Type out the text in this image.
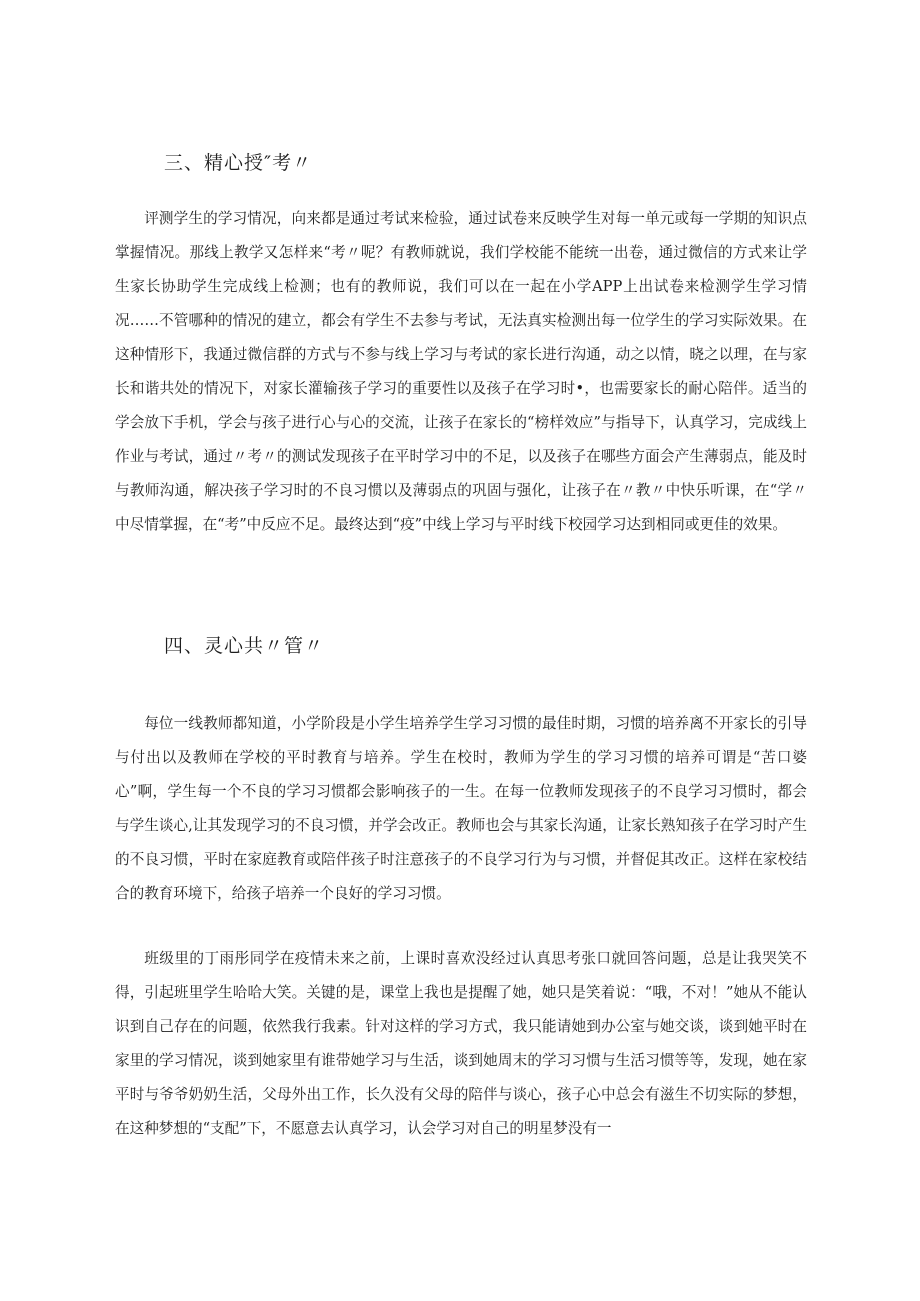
三、精心授″考〃

评测学生的学习情况，向来都是通过考试来检验，通过试卷来反映学生对每一单元或每一学期的知识点掌握情况。那线上教学又怎样来“考〃呢？有教师就说，我们学校能不能统一出卷，通过微信的方式来让学生家长协助学生完成线上检测；也有的教师说，我们可以在一起在小学APP上出试卷来检测学生学习情况……不管哪种的情况的建立，都会有学生不去参与考试，无法真实检测出每一位学生的学习实际效果。在这种情形下，我通过微信群的方式与不参与线上学习与考试的家长进行沟通，动之以情，晓之以理，在与家长和谐共处的情况下，对家长灌输孩子学习的重要性以及孩子在学习时•，也需要家长的耐心陪伴。适当的学会放下手机，学会与孩子进行心与心的交流，让孩子在家长的“榜样效应”与指导下，认真学习，完成线上作业与考试，通过〃考〃的测试发现孩子在平时学习中的不足，以及孩子在哪些方面会产生薄弱点，能及时与教师沟通，解决孩子学习时的不良习惯以及薄弱点的巩固与强化，让孩子在〃教〃中快乐听课，在“学〃中尽情掌握，在“考”中反应不足。最终达到“疫”中线上学习与平时线下校园学习达到相同或更佳的效果。

四、灵心共〃管〃

每位一线教师都知道，小学阶段是小学生培养学生学习习惯的最佳时期，习惯的培养离不开家长的引导与付出以及教师在学校的平时教育与培养。学生在校时，教师为学生的学习习惯的培养可谓是“苦口婆心”啊，学生每一个不良的学习习惯都会影响孩子的一生。在每一位教师发现孩子的不良学习习惯时，都会与学生谈心,让其发现学习的不良习惯，并学会改正。教师也会与其家长沟通，让家长熟知孩子在学习时产生的不良习惯，平时在家庭教育或陪伴孩子时注意孩子的不良学习行为与习惯，并督促其改正。这样在家校结合的教育环境下，给孩子培养一个良好的学习习惯。

班级里的丁雨彤同学在疫情未来之前，上课时喜欢没经过认真思考张口就回答问题，总是让我哭笑不得，引起班里学生哈哈大笑。关键的是，课堂上我也是提醒了她，她只是笑着说：“哦，不对！”她从不能认识到自己存在的问题，依然我行我素。针对这样的学习方式，我只能请她到办公室与她交谈，谈到她平时在家里的学习情况，谈到她家里有谁带她学习与生活，谈到她周末的学习习惯与生活习惯等等，发现，她在家平时与爷爷奶奶生活，父母外出工作，长久没有父母的陪伴与谈心，孩子心中总会有滋生不切实际的梦想，在这种梦想的“支配”下，不愿意去认真学习，认会学习对自己的明星梦没有一
